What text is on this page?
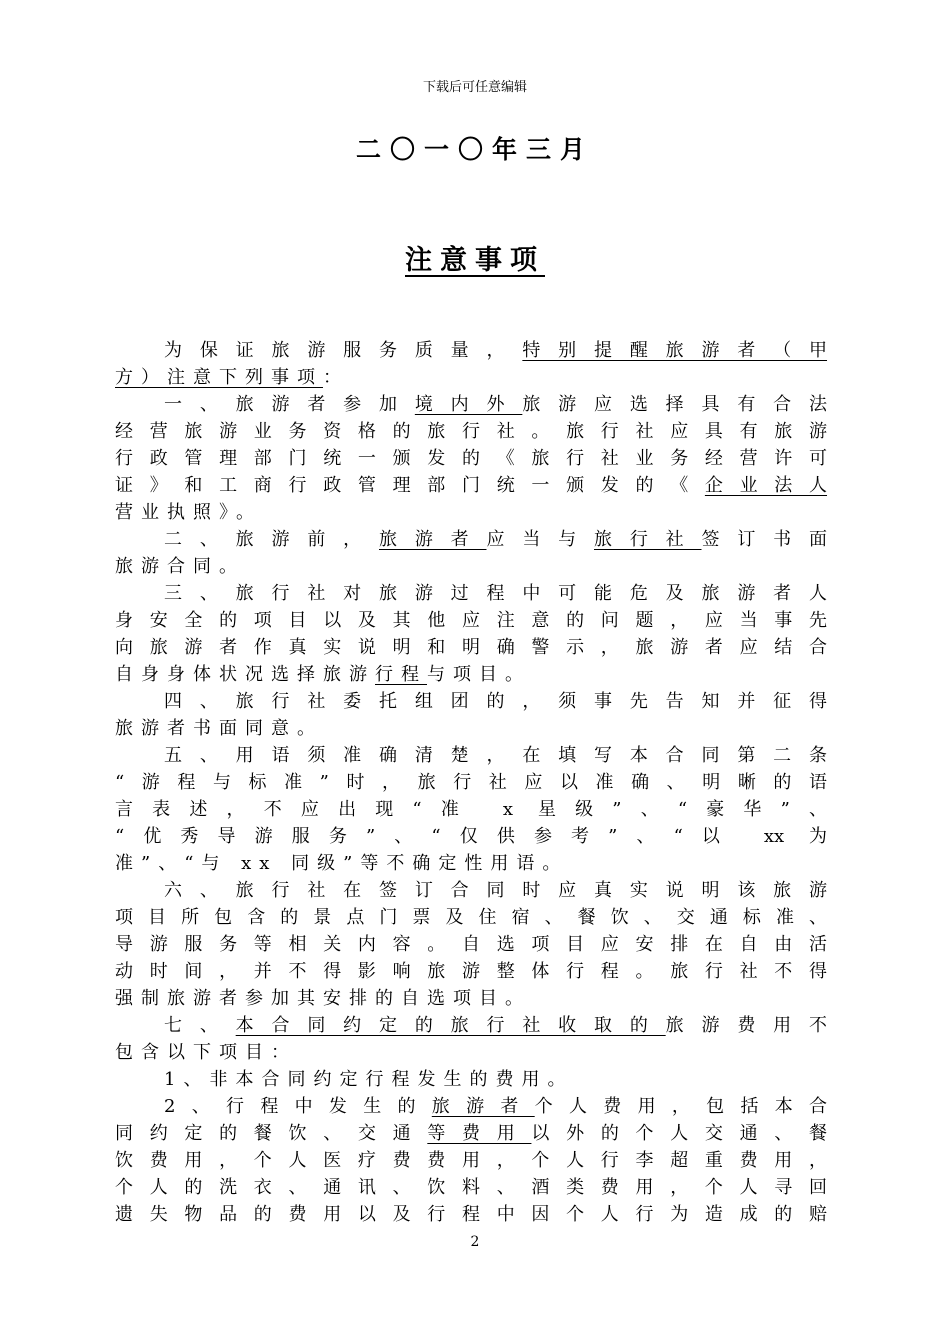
下载后可任意编辑
二〇一〇年三月
注意事项
为保证旅游服务质量，特别提醒旅游者（甲
方）注意下列事项：
一、旅游者参加境内外旅游应选择具有合法
经营旅游业务资格的旅行社。旅行社应具有旅游
行政管理部门统一颁发的《旅行社业务经营许可
证》和工商行政管理部门统一颁发的《企业法人
营业执照》。
二、旅游前，旅游者应当与旅行社签订书面
旅游合同。
三、旅行社对旅游过程中可能危及旅游者人
身安全的项目以及其他应注意的问题，应当事先
向旅游者作真实说明和明确警示，旅游者应结合
自身身体状况选择旅游行程与项目。
四、旅行社委托组团的，须事先告知并征得
旅游者书面同意。
五、用语须准确清楚，在填写本合同第二条
“游程与标准”时，旅行社应以准确、明晰的语
言表述，不应出现“准 x 星级”、“豪华”、
“优秀导游服务”、“仅供参考”、“以 xx 为
准”、“与 xx 同级”等不确定性用语。
六、旅行社在签订合同时应真实说明该旅游
项目所包含的景点门票及住宿、餐饮、交通标准、
导游服务等相关内容。自选项目应安排在自由活
动时间，并不得影响旅游整体行程。旅行社不得
强制旅游者参加其安排的自选项目。
七、本合同约定的旅行社收取的旅游费用不
包含以下项目：
1、非本合同约定行程发生的费用。
2、行程中发生的旅游者个人费用，包括本合
同约定的餐饮、交通等费用以外的个人交通、餐
饮费用，个人医疗费费用，个人行李超重费用，
个人的洗衣、通讯、饮料、酒类费用，个人寻回
遗失物品的费用以及行程中因个人行为造成的赔
2
